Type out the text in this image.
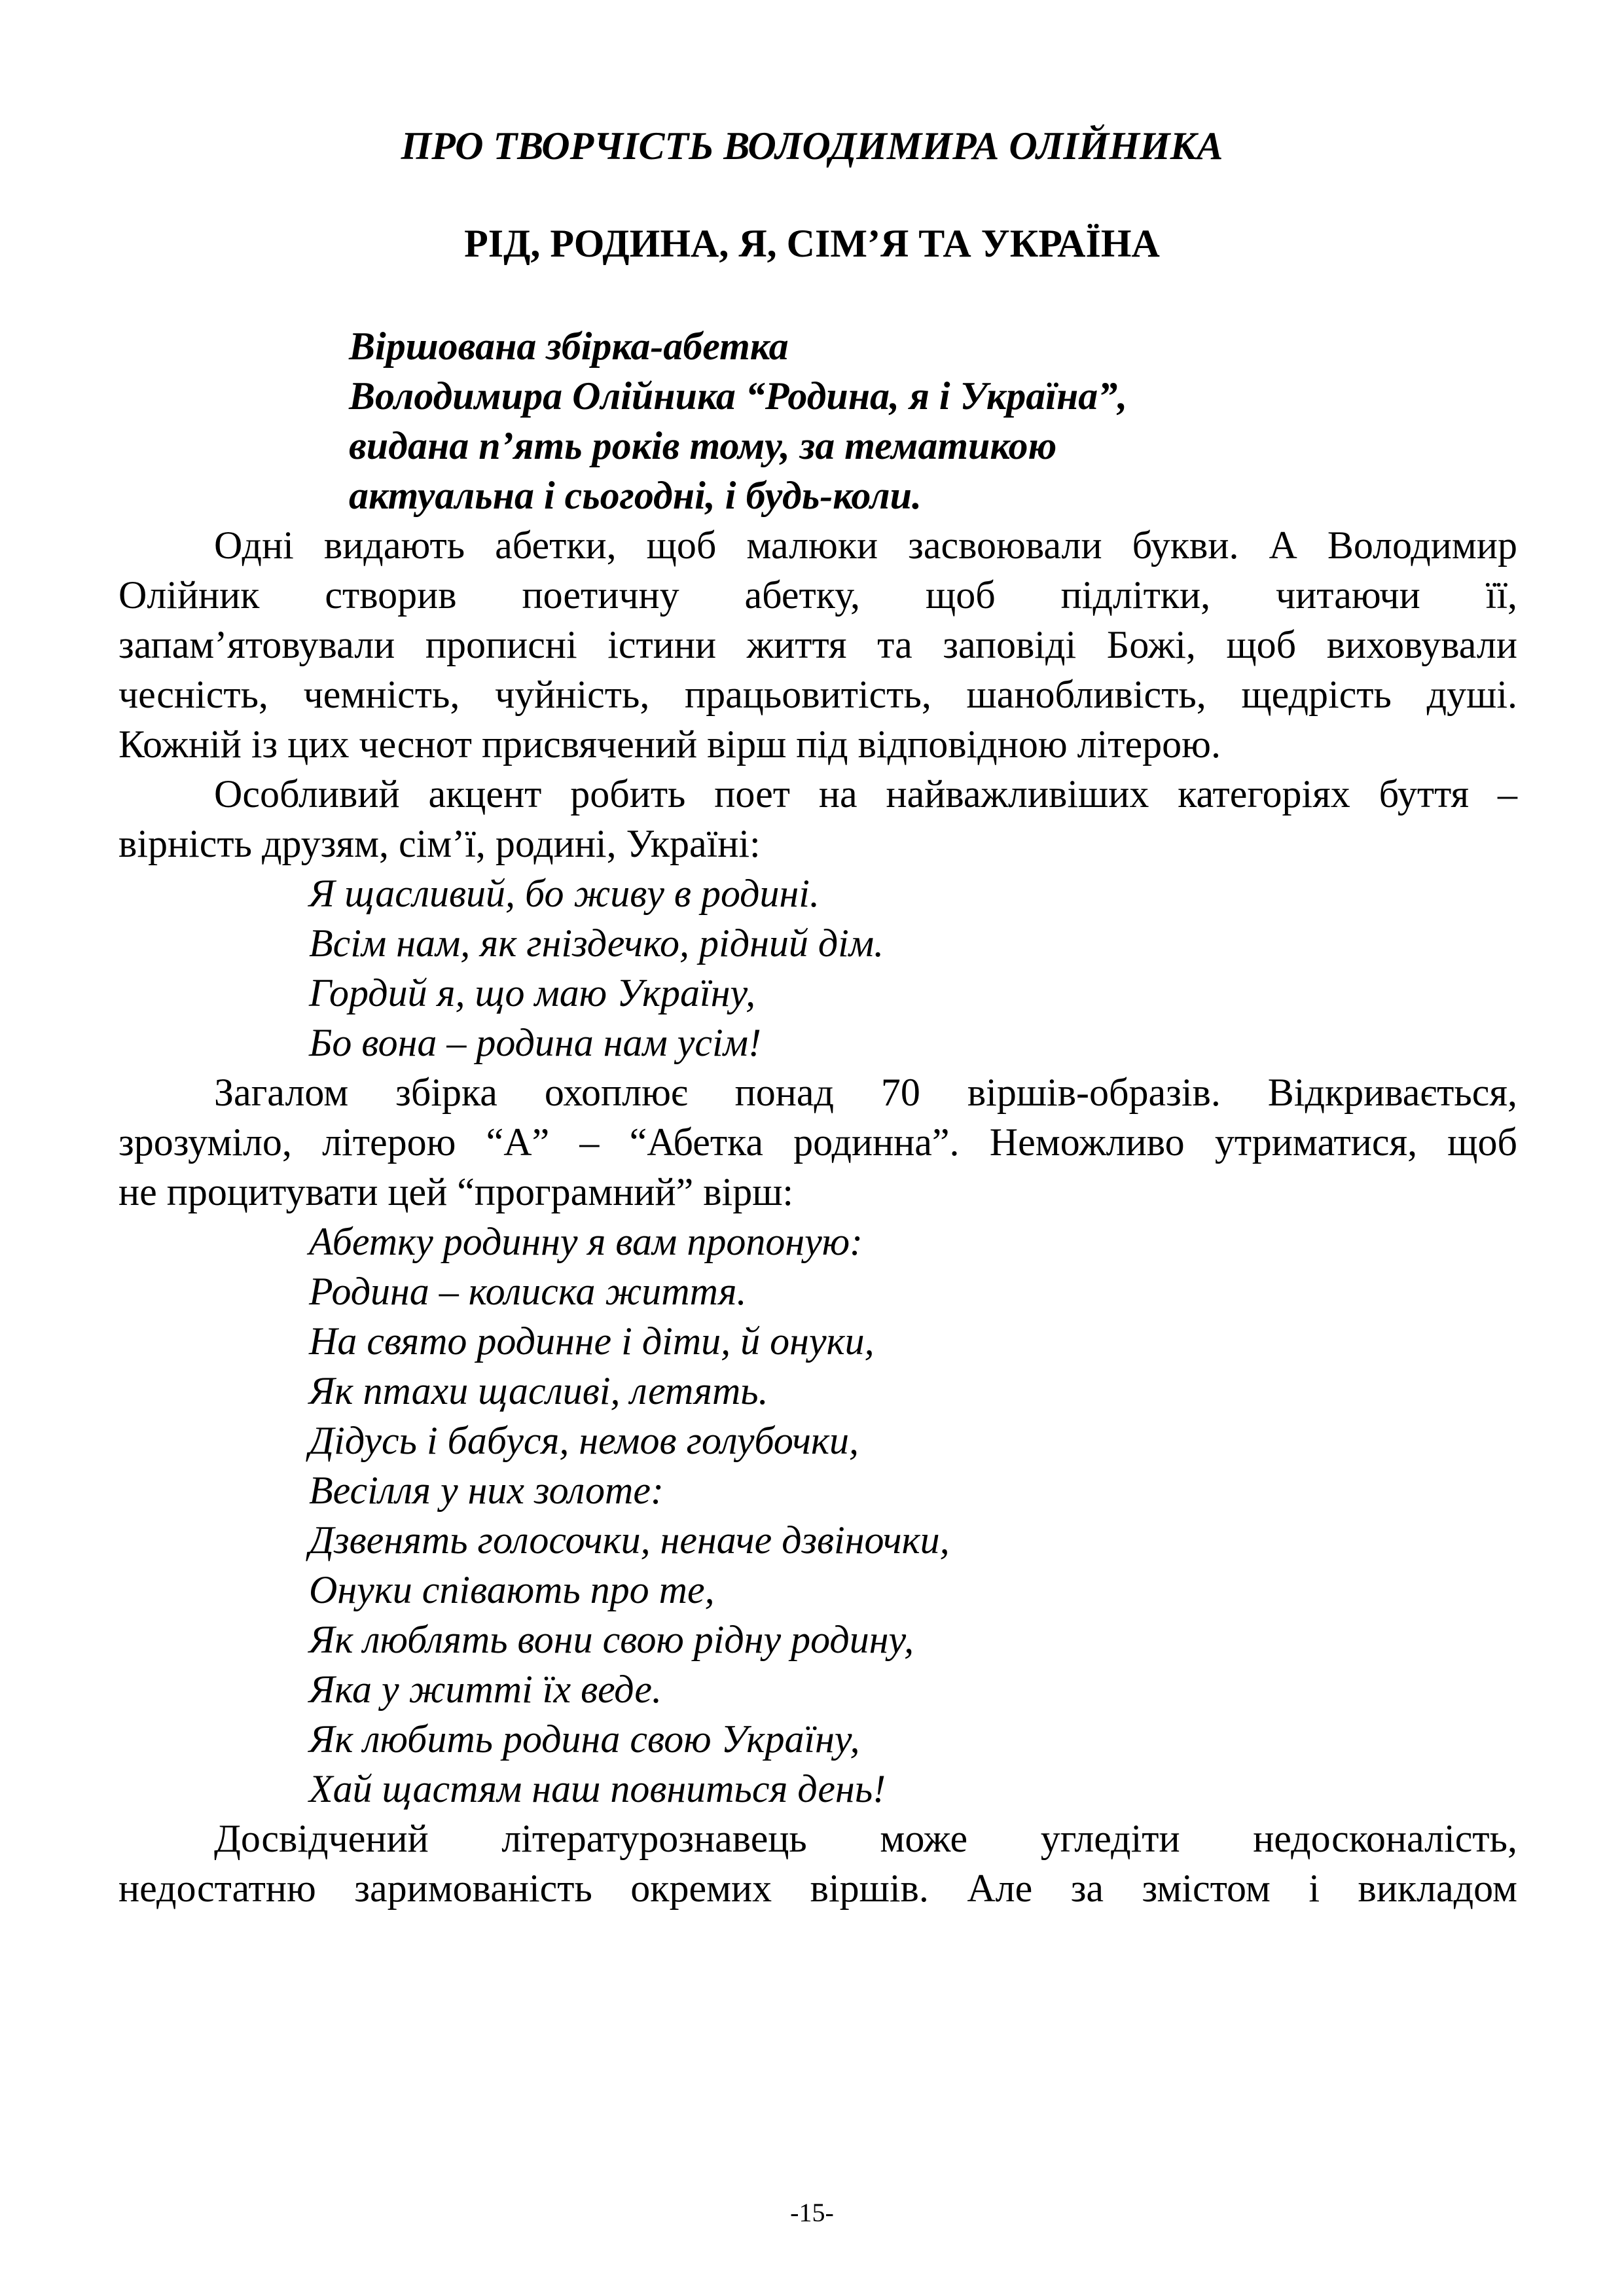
ПРО ТВОРЧІСТЬ ВОЛОДИМИРА ОЛІЙНИКА
РІД, РОДИНА, Я, СІМ’Я ТА УКРАЇНА

Віршована збірка-абетка

Володимира Олійника “Родина, я і Україна”,

видана п’ять років тому, за тематикою

актуальна і сьогодні, і будь-коли.

Одні видають абетки, щоб малюки засвоювали букви. А Володимир

Олійник створив поетичну абетку, щоб підлітки, читаючи її,

запам’ятовували прописні істини життя та заповіді Божі, щоб виховували

чесність, чемність, чуйність, працьовитість, шанобливість, щедрість душі.

Кожній із цих чеснот присвячений вірш під відповідною літерою.

Особливий акцент робить поет на найважливіших категоріях буття –

вірність друзям, сім’ї, родині, Україні:

Я щасливий, бо живу в родині.

Всім нам, як гніздечко, рідний дім.

Гордий я, що маю Україну,

Бо вона – родина нам усім!

Загалом збірка охоплює понад 70 віршів-образів. Відкривається,

зрозуміло, літерою “А” – “Абетка родинна”. Неможливо утриматися, щоб

не процитувати цей “програмний” вірш:

Абетку родинну я вам пропоную:

Родина – колиска життя.

На свято родинне і діти, й онуки,

Як птахи щасливі, летять.

Дідусь і бабуся, немов голубочки,

Весілля у них золоте:

Дзвенять голосочки, неначе дзвіночки,

Онуки співають про те,

Як люблять вони свою рідну родину,

Яка у житті їх веде.

Як любить родина свою Україну,

Хай щастям наш повниться день!

Досвідчений літературознавець може угледіти недосконаліcть,

недостатню заримованість окремих віршів. Але за змістом і викладом

-15-
